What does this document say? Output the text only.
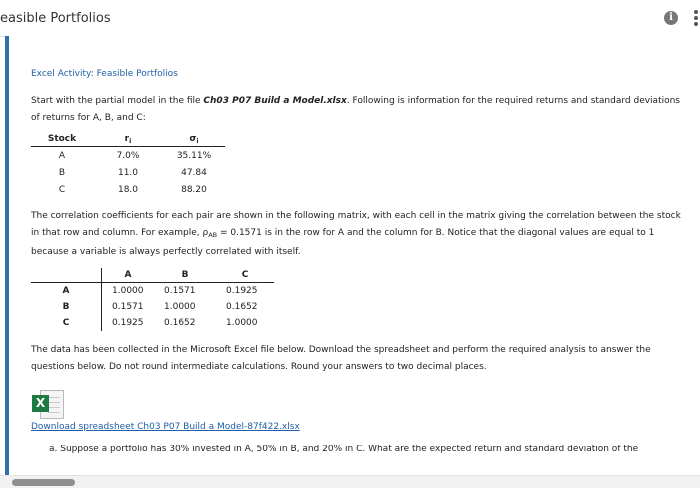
easible Portfolios	i
Excel Activity: Feasible Portfolios

Start with the partial model in the file Ch03 P07 Build a Model.xlsx. Following is information for the required returns and standard deviations of returns for A, B, and C:

Stock	$r_i$	$\sigma_i$
A	7.0%	35.11%
B	11.0	47.84
C	18.0	88.20

The correlation coefficients for each pair are shown in the following matrix, with each cell in the matrix giving the correlation between the stock in that row and column. For example, $\rho_{AB} = 0.1571$ is in the row for A and the column for B. Notice that the diagonal values are equal to 1 because a variable is always perfectly correlated with itself.

	A	B	C
A	1.0000	0.1571	0.1925
B	0.1571	1.0000	0.1652
C	0.1925	0.1652	1.0000

The data has been collected in the Microsoft Excel file below. Download the spreadsheet and perform the required analysis to answer the questions below. Do not round intermediate calculations. Round your answers to two decimal places.

X
Download spreadsheet Ch03 P07 Build a Model-87f422.xlsx
a. Suppose a portfolio has 30% invested in A, 50% in B, and 20% in C. What are the expected return and standard deviation of the
